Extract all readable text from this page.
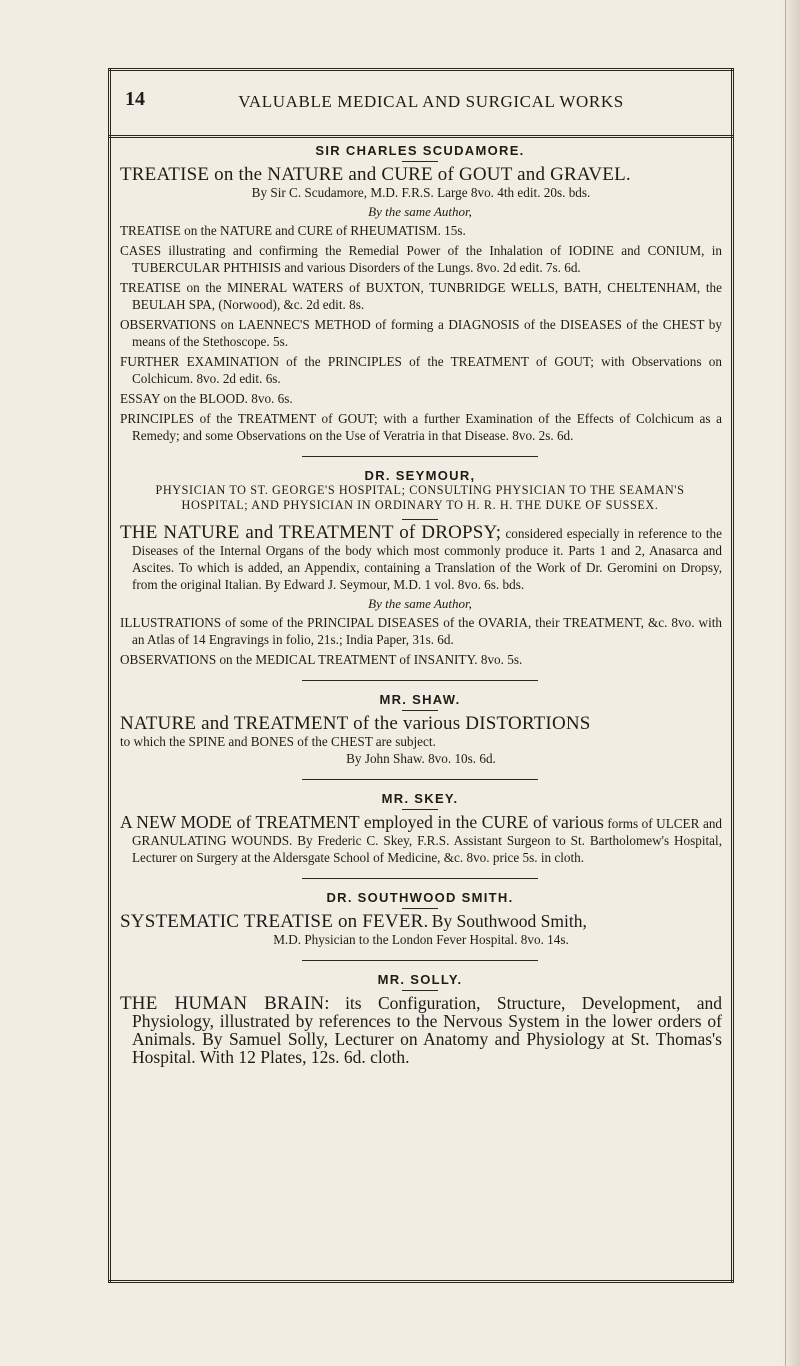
14	VALUABLE MEDICAL AND SURGICAL WORKS
SIR CHARLES SCUDAMORE.

TREATISE on the NATURE and CURE of GOUT and GRAVEL.

By Sir C. Scudamore, M.D. F.R.S. Large 8vo. 4th edit. 20s. bds.

By the same Author,

TREATISE on the NATURE and CURE of RHEUMATISM. 15s.

CASES illustrating and confirming the Remedial Power of the Inhalation of IODINE and CONIUM, in TUBERCULAR PHTHISIS and various Disorders of the Lungs. 8vo. 2d edit. 7s. 6d.

TREATISE on the MINERAL WATERS of BUXTON, TUNBRIDGE WELLS, BATH, CHELTENHAM, the BEULAH SPA, (Norwood), &c. 2d edit. 8s.

OBSERVATIONS on LAENNEC'S METHOD of forming a DIAGNOSIS of the DISEASES of the CHEST by means of the Stethoscope. 5s.

FURTHER EXAMINATION of the PRINCIPLES of the TREATMENT of GOUT; with Observations on Colchicum. 8vo. 2d edit. 6s.

ESSAY on the BLOOD. 8vo. 6s.

PRINCIPLES of the TREATMENT of GOUT; with a further Examination of the Effects of Colchicum as a Remedy; and some Observations on the Use of Veratria in that Disease. 8vo. 2s. 6d.

DR. SEYMOUR,
PHYSICIAN TO ST. GEORGE'S HOSPITAL; CONSULTING PHYSICIAN TO THE SEAMAN'S HOSPITAL; AND PHYSICIAN IN ORDINARY TO H. R. H. THE DUKE OF SUSSEX.

THE NATURE and TREATMENT of DROPSY; considered especially in reference to the Diseases of the Internal Organs of the body which most commonly produce it. Parts 1 and 2, Anasarca and Ascites. To which is added, an Appendix, containing a Translation of the Work of Dr. Geromini on Dropsy, from the original Italian. By Edward J. Seymour, M.D. 1 vol. 8vo. 6s. bds.

By the same Author,

ILLUSTRATIONS of some of the PRINCIPAL DISEASES of the OVARIA, their TREATMENT, &c. 8vo. with an Atlas of 14 Engravings in folio, 21s.; India Paper, 31s. 6d.

OBSERVATIONS on the MEDICAL TREATMENT of INSANITY. 8vo. 5s.

MR. SHAW.

NATURE and TREATMENT of the various DISTORTIONS
to which the SPINE and BONES of the CHEST are subject.

By John Shaw. 8vo. 10s. 6d.

MR. SKEY.

A NEW MODE of TREATMENT employed in the CURE of various forms of ULCER and GRANULATING WOUNDS. By Frederic C. Skey, F.R.S. Assistant Surgeon to St. Bartholomew's Hospital, Lecturer on Surgery at the Aldersgate School of Medicine, &c. 8vo. price 5s. in cloth.

DR. SOUTHWOOD SMITH.

SYSTEMATIC TREATISE on FEVER. By Southwood Smith,

M.D. Physician to the London Fever Hospital. 8vo. 14s.

MR. SOLLY.

THE HUMAN BRAIN: its Configuration, Structure, Development, and Physiology, illustrated by references to the Nervous System in the lower orders of Animals. By Samuel Solly, Lecturer on Anatomy and Physiology at St. Thomas's Hospital. With 12 Plates, 12s. 6d. cloth.
